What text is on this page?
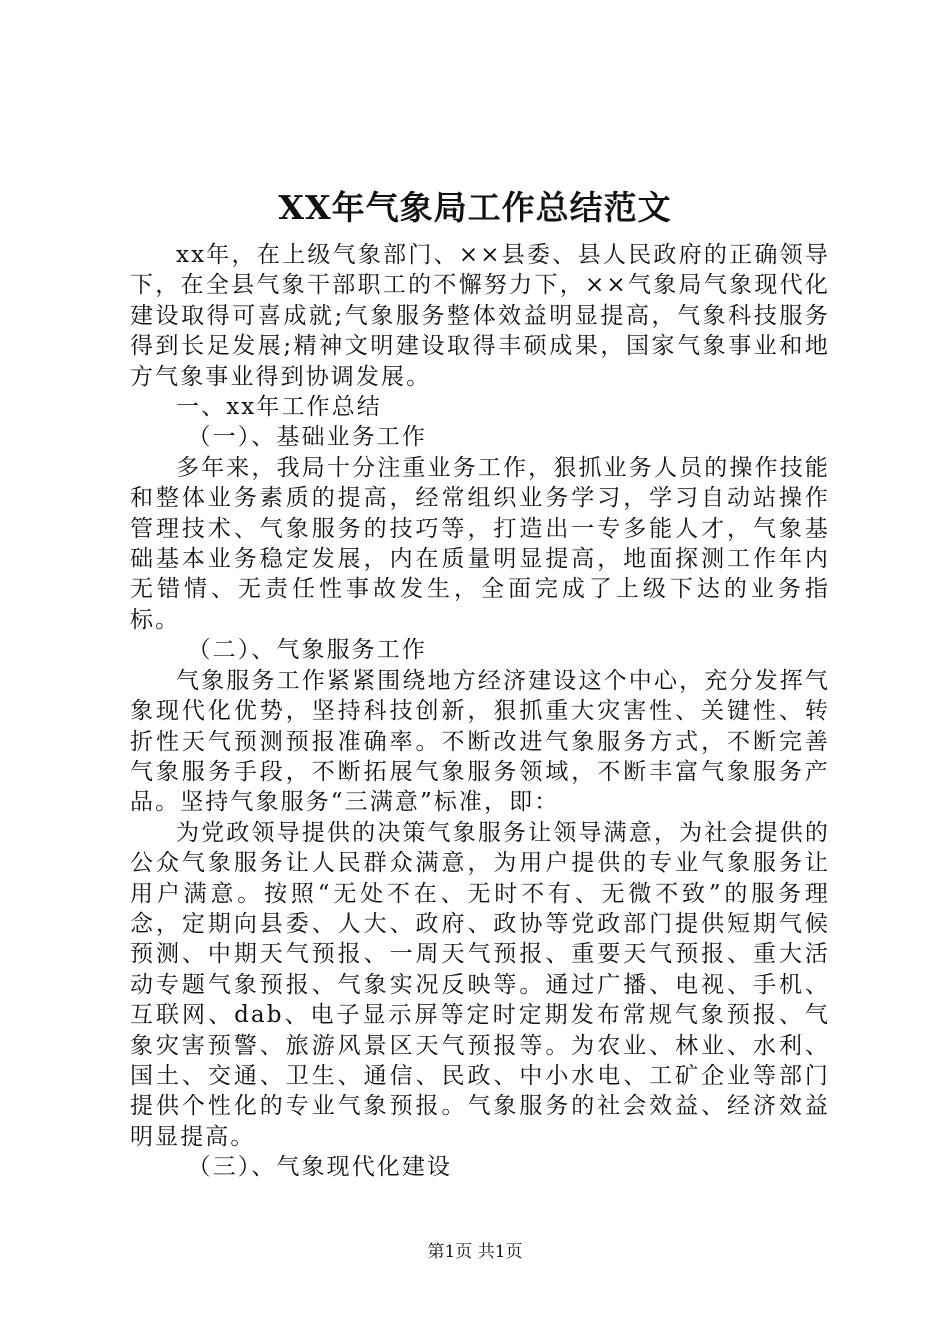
XX年气象局工作总结范文

xx年，在上级气象部门、××县委、县人民政府的正确领导下，在全县气象干部职工的不懈努力下，××气象局气象现代化建设取得可喜成就;气象服务整体效益明显提高，气象科技服务得到长足发展;精神文明建设取得丰硕成果，国家气象事业和地方气象事业得到协调发展。

一、xx年工作总结

（一）、基础业务工作

多年来，我局十分注重业务工作，狠抓业务人员的操作技能和整体业务素质的提高，经常组织业务学习，学习自动站操作管理技术、气象服务的技巧等，打造出一专多能人才，气象基础基本业务稳定发展，内在质量明显提高，地面探测工作年内无错情、无责任性事故发生，全面完成了上级下达的业务指标。

（二）、气象服务工作

气象服务工作紧紧围绕地方经济建设这个中心，充分发挥气象现代化优势，坚持科技创新，狠抓重大灾害性、关键性、转折性天气预测预报准确率。不断改进气象服务方式，不断完善气象服务手段，不断拓展气象服务领域，不断丰富气象服务产品。坚持气象服务“三满意”标准，即：

为党政领导提供的决策气象服务让领导满意，为社会提供的公众气象服务让人民群众满意，为用户提供的专业气象服务让用户满意。按照“无处不在、无时不有、无微不致”的服务理念，定期向县委、人大、政府、政协等党政部门提供短期气候预测、中期天气预报、一周天气预报、重要天气预报、重大活动专题气象预报、气象实况反映等。通过广播、电视、手机、互联网、dab、电子显示屏等定时定期发布常规气象预报、气象灾害预警、旅游风景区天气预报等。为农业、林业、水利、国土、交通、卫生、通信、民政、中小水电、工矿企业等部门提供个性化的专业气象预报。气象服务的社会效益、经济效益明显提高。

（三）、气象现代化建设

第1页 共1页
